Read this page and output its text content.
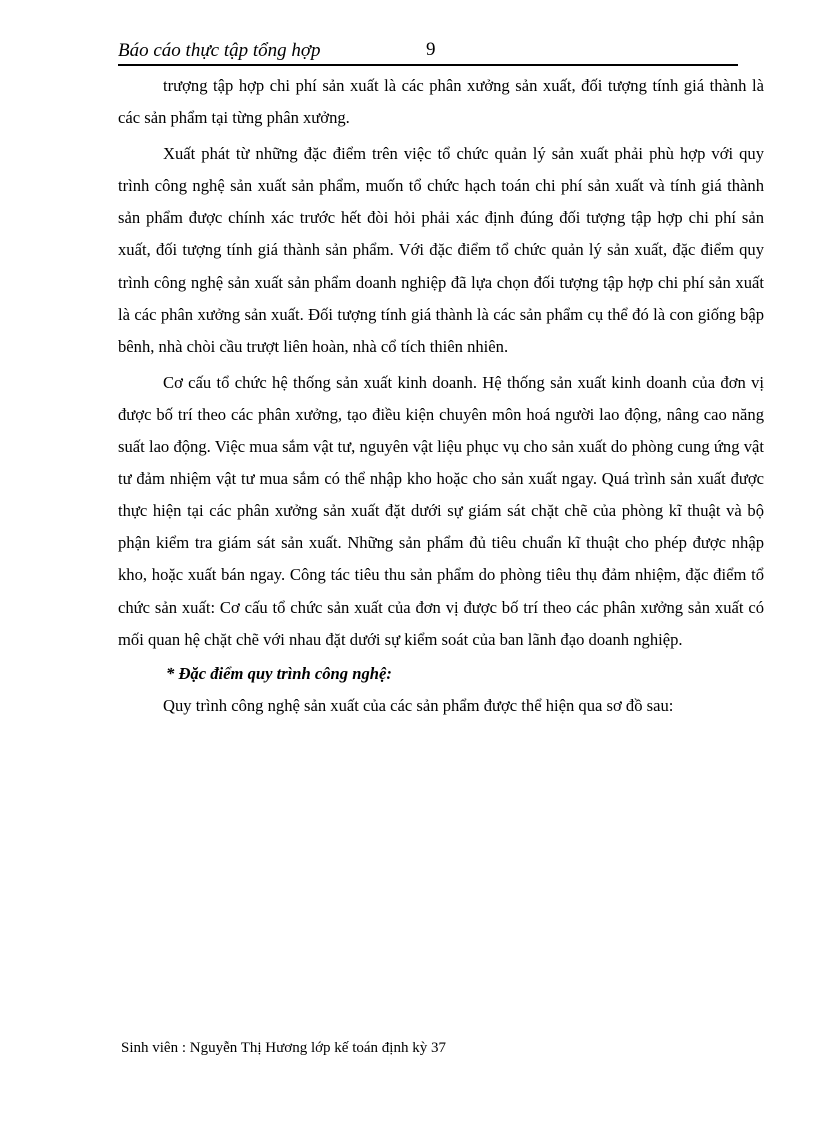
Báo cáo thực tập tổng hợp	9

trượng tập hợp chi phí sản xuất là các phân xưởng sản xuất, đối tượng tính giá thành là các sản phẩm tại từng phân xưởng.

Xuất phát từ những đặc điểm trên việc tổ chức quản lý sản xuất phải phù hợp với quy trình công nghệ sản xuất sản phẩm, muốn tổ chức hạch toán chi phí sản xuất và tính giá thành sản phẩm được chính xác trước hết đòi hỏi phải xác định đúng đối tượng tập hợp chi phí sản xuất, đối tượng tính giá thành sản phẩm. Với đặc điểm tổ chức quản lý sản xuất, đặc điểm quy trình công nghệ sản xuất sản phẩm doanh nghiệp đã lựa chọn đối tượng tập hợp chi phí sản xuất là các phân xưởng sản xuất. Đối tượng tính giá thành là các sản phẩm cụ thể đó là con giống bập bênh, nhà chòi cầu trượt liên hoàn, nhà cổ tích thiên nhiên.

Cơ cấu tổ chức hệ thống sản xuất kinh doanh. Hệ thống sản xuất kinh doanh của đơn vị được bố trí theo các phân xưởng, tạo điều kiện chuyên môn hoá người lao động, nâng cao năng suất lao động. Việc mua sắm vật tư, nguyên vật liệu phục vụ cho sản xuất do phòng cung ứng vật tư đảm nhiệm vật tư mua sắm có thể nhập kho hoặc cho sản xuất ngay. Quá trình sản xuất được thực hiện tại các phân xưởng sản xuất đặt dưới sự giám sát chặt chẽ của phòng kĩ thuật và bộ phận kiểm tra giám sát sản xuất. Những sản phẩm đủ tiêu chuẩn kĩ thuật cho phép được nhập kho, hoặc xuất bán ngay. Công tác tiêu thu sản phẩm do phòng tiêu thụ đảm nhiệm, đặc điểm tổ chức sản xuất: Cơ cấu tổ chức sản xuất của đơn vị được bố trí theo các phân xưởng sản xuất có mối quan hệ chặt chẽ với nhau đặt dưới sự kiểm soát của ban lãnh đạo doanh nghiệp.

* Đặc điểm quy trình công nghệ:

Quy trình công nghệ sản xuất của các sản phẩm được thể hiện qua sơ đồ sau:

Sinh viên : Nguyễn Thị Hương lớp kế toán định kỳ 37
